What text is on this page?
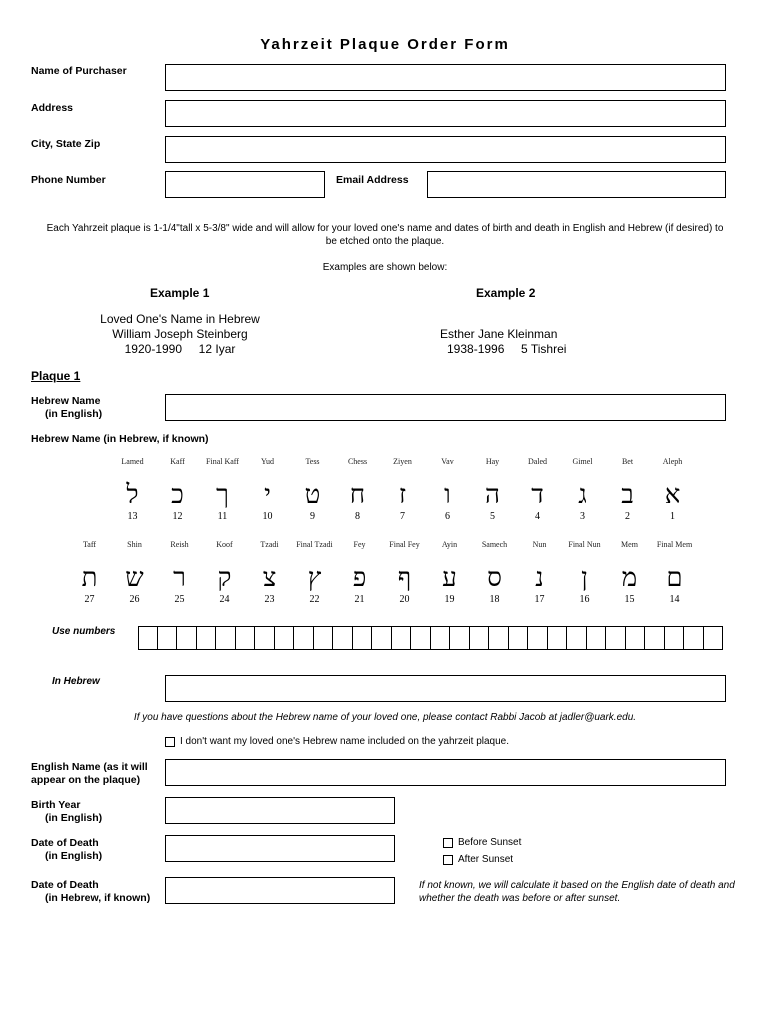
Yahrzeit Plaque Order Form
Name of Purchaser
Address
City, State Zip
Phone Number	Email Address
Each Yahrzeit plaque is 1-1/4"tall x 5-3/8" wide and will allow for your loved one's name and dates of birth and death in English and Hebrew (if desired) to be etched onto the plaque.
Examples are shown below:
Example 1
Loved One's Name in Hebrew
William Joseph Steinberg
1920-1990     12 Iyar
Example 2
Esther Jane Kleinman
1938-1996     5 Tishrei
Plaque 1
Hebrew Name
(in English)
Hebrew Name (in Hebrew, if known)
Lamed
ל
13
Kaff
כ
12
Final Kaff
ך
11
Yud
י
10
Tess
ט
9
Chess
ח
8
Ziyen
ז
7
Vav
ו
6
Hay
ה
5
Daled
ד
4
Gimel
ג
3
Bet
ב
2
Aleph
א
1
Taff
ת
27
Shin
ש
26
Reish
ר
25
Koof
ק
24
Tzadi
צ
23
Final Tzadi
ץ
22
Fey
פ
21
Final Fey
ף
20
Ayin
ע
19
Samech
ס
18
Nun
נ
17
Final Nun
ן
16
Mem
מ
15
Final Mem
ם
14
Use numbers
In Hebrew
If you have questions about the Hebrew name of your loved one, please contact Rabbi Jacob at jadler@uark.edu.
I don't want my loved one's Hebrew name included on the yahrzeit plaque.
English Name (as it will
appear on the plaque)
Birth Year
(in English)
Date of Death
(in English)
Before Sunset
After Sunset
Date of Death
(in Hebrew, if known)
If not known, we will calculate it based on the English date of death and whether the death was before or after sunset.
